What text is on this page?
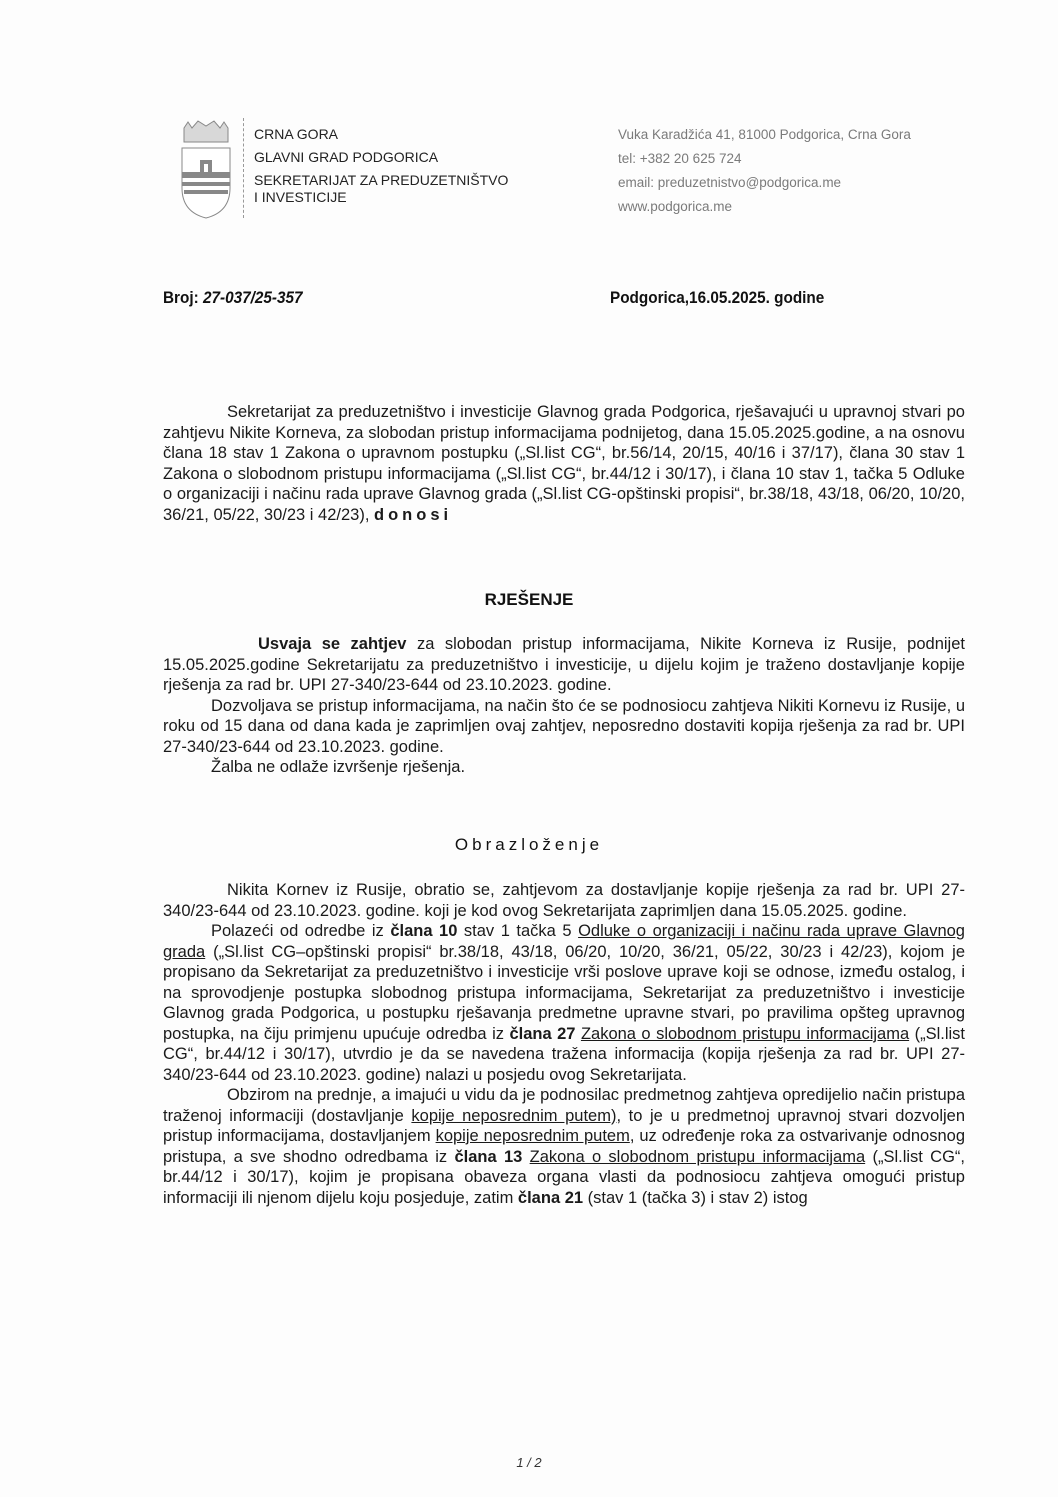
CRNA GORA
GLAVNI GRAD PODGORICA
SEKRETARIJAT ZA PREDUZETNIŠTVO
I INVESTICIJE
Vuka Karadžića 41, 81000 Podgorica, Crna Gora
tel: +382 20 625 724
email: preduzetnistvo@podgorica.me
www.podgorica.me
Broj: 27-037/25-357	Podgorica,16.05.2025. godine

Sekretarijat za preduzetništvo i investicije Glavnog grada Podgorica, rješavajući u upravnoj stvari po zahtjevu Nikite Korneva, za slobodan pristup informacijama podnijetog, dana 15.05.2025.godine, a na osnovu člana 18 stav 1 Zakona o upravnom postupku („Sl.list CG“, br.56/14, 20/15, 40/16 i 37/17), člana 30 stav 1 Zakona o slobodnom pristupu informacijama („Sl.list CG“, br.44/12 i 30/17), i člana 10 stav 1, tačka 5 Odluke o organizaciji i načinu rada uprave Glavnog grada („Sl.list CG-opštinski propisi“, br.38/18, 43/18, 06/20, 10/20, 36/21, 05/22, 30/23 i 42/23), donosi

RJEŠENJE

Usvaja se zahtjev za slobodan pristup informacijama, Nikite Korneva iz Rusije, podnijet 15.05.2025.godine Sekretarijatu za preduzetništvo i investicije, u dijelu kojim je traženo dostavljanje kopije rješenja za rad br. UPI 27-340/23-644 od 23.10.2023. godine.

Dozvoljava se pristup informacijama, na način što će se podnosiocu zahtjeva Nikiti Kornevu iz Rusije, u roku od 15 dana od dana kada je zaprimljen ovaj zahtjev, neposredno dostaviti kopija rješenja za rad br. UPI 27-340/23-644 od 23.10.2023. godine.

Žalba ne odlaže izvršenje rješenja.

Obrazloženje

Nikita Kornev iz Rusije, obratio se, zahtjevom za dostavljanje kopije rješenja za rad br. UPI 27-340/23-644 od 23.10.2023. godine. koji je kod ovog Sekretarijata zaprimljen dana 15.05.2025. godine.

Polazeći od odredbe iz člana 10 stav 1 tačka 5 Odluke o organizaciji i načinu rada uprave Glavnog grada („Sl.list CG–opštinski propisi“ br.38/18, 43/18, 06/20, 10/20, 36/21, 05/22, 30/23 i 42/23), kojom je propisano da Sekretarijat za preduzetništvo i investicije vrši poslove uprave koji se odnose, između ostalog, i na sprovodjenje postupka slobodnog pristupa informacijama, Sekretarijat za preduzetništvo i investicije Glavnog grada Podgorica, u postupku rješavanja predmetne upravne stvari, po pravilima opšteg upravnog postupka, na čiju primjenu upućuje odredba iz člana 27 Zakona o slobodnom pristupu informacijama („Sl.list CG“, br.44/12 i 30/17), utvrdio je da se navedena tražena informacija (kopija rješenja za rad br. UPI 27-340/23-644 od 23.10.2023. godine) nalazi u posjedu ovog Sekretarijata.

Obzirom na prednje, a imajući u vidu da je podnosilac predmetnog zahtjeva opredijelio način pristupa traženoj informaciji (dostavljanje kopije neposrednim putem), to je u predmetnoj upravnoj stvari dozvoljen pristup informacijama, dostavljanjem kopije neposrednim putem, uz određenje roka za ostvarivanje odnosnog pristupa, a sve shodno odredbama iz člana 13 Zakona o slobodnom pristupu informacijama („Sl.list CG“, br.44/12 i 30/17), kojim je propisana obaveza organa vlasti da podnosiocu zahtjeva omogući pristup informaciji ili njenom dijelu koju posjeduje, zatim člana 21 (stav 1 (tačka 3) i stav 2) istog

1 / 2
